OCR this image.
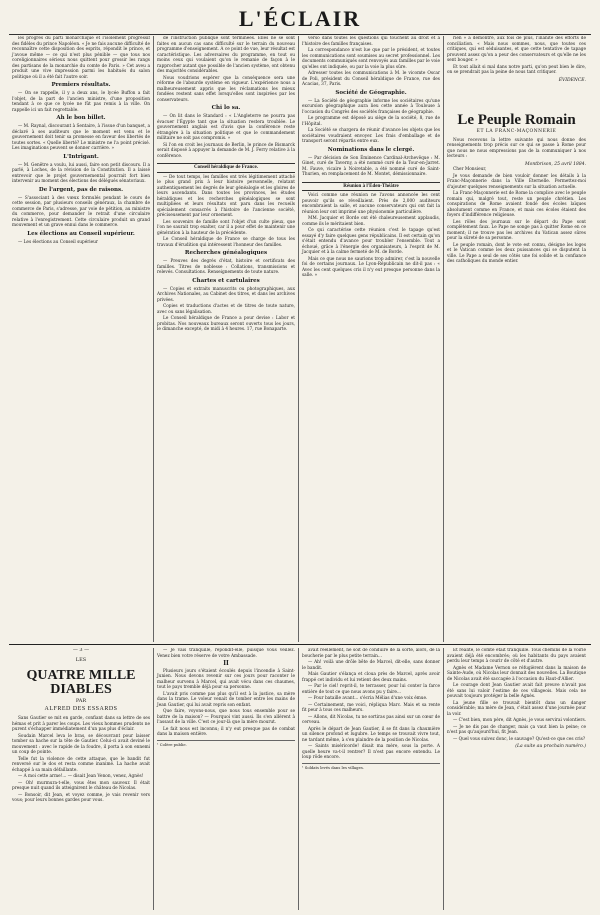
L'ÉCLAIR

les progrès du parti monarchique et l'isolement progressif des fidèles du prince Napoléon. « Je ne fais aucune difficulté de reconnaître cette disposition des esprits, répondit le prince, et j'avoue même — ce qui n'est plus pénible — que tous nos coreligionnaires sérieux nous quittent pour grossir les rangs des partisans de la monarchie du comte de Paris. » Cet aveu a produit une vive impression parmi les habitués du salon politique où il a été fait l'autre soir.

Premiers résultats.

— On se rappelle, il y a deux ans, le lycée Buffon a fait l'objet, de la part de l'ancien ministre, d'une proposition tendant à ce que ce lycée ne fût pas remis à la ville. On rappelle ici un fait regrettable.

Ah le bon billet.

— M. Raynal, discourant à Sentaire, à l'issue d'un banquet, a déclaré à ses auditeurs que le moment est venu et le gouvernement doit tenir sa promesse en faveur des libertés de toutes sortes. « Quelle liberté? Le ministre ne l'a point précisé. Les imaginations peuvent se donner carrière. »

L'Intrigant.

— M. Genêtre a voulu, lui aussi, faire son petit discours. Il a parlé, à Loches, de la révision de la Constitution. Il a laissé entrevoir que le projet gouvernemental pourrait fort bien intervenir au moment des élections des délégués sénatoriaux.

De l'argent, pas de raisons.

— S'associant à des vœux formulés pendant le cours de cette session, par plusieurs conseils généraux, la chambre de commerce de Paris, s'adresse, par voie de pétition, au ministre du commerce, pour demander le retrait d'une circulaire relative à l'enregistrement. Cette circulaire produit un grand mouvement et un grave ennui dans le commerce.

Les élections au Conseil supérieur.

— Les élections au Conseil supérieur

de l'instruction publique sont terminées. Elles ne se sont faites en aucun cas sans difficulté sur le terrain du nouveau programme d'enseignement. A ce point de vue, leur résultat est caractéristique. Les adversaires du programme, en tout ou moins ceux qui voulaient qu'on le remanie de façon à le rapprocher autant que possible de l'ancien système, ont obtenu des majorités considérables.

Nous voudrions espérer que la conséquence sera une réforme de l'absurde système en vigueur. L'expérience nous a malheureusement appris que les réclamations les mieux fondées restent sans effet lorsqu'elles sont inspirées par les conservateurs.

Chi lo sa.

— On lit dans le Standard : « L'Angleterre ne pourra pas évacuer l'Égypte tant que la situation restera troublée. Le gouvernement anglais est d'avis que la conférence reste étrangère à la situation politique et que le commandement militaire ne soit pas compromis. »

Si l'on en croit les journaux de Berlin, le prince de Bismarck serait disposé à appuyer la demande de M. J. Ferry relative à la conférence.

Conseil héraldique de France.

— De tout temps, les familles ont très légitimement attaché le plus grand prix à leur histoire personnelle, relatant authentiquement les degrés de leur généalogie et les gloires de leurs ascendants. Dans toutes les provinces, les études héraldiques et les recherches généalogiques se sont multipliées et leurs résultats ont paru dans les recueils spécialement consacrés à l'histoire de l'ancienne société, préciseusement par leur ornement.

Les souvenirs de famille sont l'objet d'un culte pieux, que l'on ne saurait trop exalter, car il a pour effet de maintenir une génération à la hauteur de la précédente.

Le Conseil héraldique de France se charge de tous les travaux d'érudition qui intéressent l'honneur des familles.

Recherches généalogiques

— Preuves des degrés d'état, histoire et certificats des familles. Titres de noblesse : Collations, transmissions et relevés. Consultations. Renseignements de toute nature.

Chartes et cartulaires

— Copies et extraits manuscrits ou photographiques, aux Archives Nationales, au Cabinet des titres, et dans les archives privées.

Copies et traductions d'actes et de titres de toute nature, avec ou sans légalisation.

Le Conseil héraldique de France a pour devise : Labor et probitas. Nos nouveaux bureaux seront ouverts tous les jours, le dimanche excepté, de midi à 4 heures. 17, rue Bonaparte.

verso dans toutes les questions qui touchent au droit et à l'histoire des familles françaises.

La correspondance n'est lue que par le président, et toutes les communications sont soumises au secret professionnel. Les documents communiqués sont renvoyés aux familles par le voie qu'elles ont indiquée, ou par la voie la plus sûre.

Adresser toutes les communications à M. le vicomte Oscar de Poli, président du Conseil héraldique de France, rue des Acacias, 37, Paris.

Société de Géographie.

— La Société de géographie informe les sociétaires qu'une excursion géographique aura lieu cette année à Toulouse à l'occasion du Congrès des sociétés françaises de géographie.

Le programme est déposé au siège de la société, 8, rue de l'Hôpital.

La Société se chargera de réunir d'avance les objets que les sociétaires voudraient envoyer. Les frais d'emballage et de transport seront répartis entre eux.

Nominations dans le clergé.

— Par décision de Son Éminence Cardinal-Archevêque : M. Ginet, curé de Taverny, a été nommé curé de la Tour-en-Jarret. M. Fauve, vicaire à Noiretable, a été nommé curé de Saint-Thurien, en remplacement de M. Montet, démissionnaire.

Réunion à l'Éden-Théâtre

Voici comme une réunion ne l'avons annoncée les cent pouvoir qu'ils se réveillaient. Près de 2,000 auditeurs encombraient la salle, et aucune conservateurs qui ont fait la réunion leur ont imprimé une physionomie particulière.

MM. Jacquier et Borde ont été chaleureusement applaudis, comme ils le méritaient bien.

Ce qui caractérise cette réunion c'est le tapage qu'est essayé d'y faire quelques gens républicains. Il est certain qu'on s'était entendu d'avance pour troubler l'ensemble. Tout a échoué, grâce à l'énergie des organisateurs, à l'esprit de M. Jacquier et à la calme fermeté de M. de Borde.

Mais ce que nous ne saurions trop admirer, c'est la nouvelle foi de certains journaux. Le Lyon-Républicain ne dit-il pas : « Avec les cent quelques cris il n'y eut presque personne dans la salle. »

rien » a démontré, aux fois de plus, l'inanité des efforts de conciliation. « Mais nous sommes, nous, que toutes ces critiques, qui est séduisantes, et que cette tentative de tapage prouvent assez qu'on a peur des conservateurs et qu'elle ne les sent bouger. »

Et tout allait si mal dans notre parti, qu'on peut bien le dire, on se prendrait pas la peine de nous tant critiquer.

ÉVIDENCE.
Le Peuple Romain
ET LA FRANC-MAÇONNERIE

Nous recevons la lettre suivante qui nous donne des renseignements trop précis sur ce qui se passe à Rome pour que nous ne nous empressions pas de la communiquer à nos lecteurs :

Montbrison, 25 avril 1884.

Cher Monsieur,

Je vous demande de bien vouloir donner les détails à la Franc-Maçonnerie dans la Ville Éternelle. Permettez-moi d'ajouter quelques renseignements sur la situation actuelle.

La Franc-Maçonnerie est de Rome la complice avec le peuple romain qui, malgré tout, reste un peuple chrétien. Les conspirations de Rome avaient fondé des écoles laïques absolument comme en France, et mais ces écoles étaient des foyers d'indifférence religieuse.

Les rôles des journaux sur le départ du Pape sont complètement faux. Le Pape ne songe pas à quitter Rome en ce moment; il ne trouve pas les archives du Vatican assez sûres pour la sûreté de sa personne.

Le peuple romain, dont le vote est connu, désigne les loges et le Vatican comme les deux puissances qui se disputent la ville. Le Pape a seul de ses côtés une foi solide et la confiance des catholiques du monde entier.

— 3 —
LES
QUATRE MILLE DIABLES
PAR
ALFRED DES ESSARDS

Sans Gautier se mit en garde, confiant dans sa lettre de ses hémas et prit à parer les coups. Les vieux hommes prudents ne purent s'échapper immédiatement d'un pas plus d'éclair.

Soudain Marcel leva le bras, se découvrant pour laisser tomber sa hache sur la tête de Gautier. Celui-ci avait deviné le mouvement : avec le rapide de la foudre, il porta à son ennemi un coup de pointe.

Telle fut la violence de cette attaque, que le bandit fut renversé sur le dos et resta comme inanimé. La hache avait échappé à sa main défaillante.

— A moi cette arme!... — disait Jean Venon, venez, Agnès!

— Oh! murmura-t-elle, vous êtes mon sauveur. Il était presque nuit quand ils atteignirent le château de Nicolas.

— Bonsoir, dit Jean, et voyez comme, je vais revenir vers vous; pour leurs bonnes gardes pour vous.

— Je vais tranquille, répondit-elle, puisque vous veillez. Venez bien votre réserve de votre Ambassade.

II

Plusieurs jours s'étaient écoulés depuis l'incendie à Saint-Junien. Nous devons revenir sur ces jours pour raconter le malheur survenu à Marcel, qui avait vécu dans ces chaumes, tout le pays tremble déjà pour sa personne.

L'avait pris comme pas plus qu'il est à la justice, sa mère dans la trame. Le voleur venait de tomber entre les mains de Jean Gautier, qui lui avait repris son enfant.

Que faire, voyons-nous, que nous tous ensemble pour se battre de la maison? — Pourquoi vint aussi. Ils s'en allèrent à l'assaut de la ville. C'est ce jour-là que la mère mourut.

Le fait nous est inconnu; il n'y eut presque pas de combat dans la maison entière.

¹ Colère publie.

avait réellement, ne soit de conduire de la sorte, alors, de la boucherie par le plus petite terrain...

— Ah! voilà une drôle bête de Marcel, dit-elle, sans donner le bandit.

Mais Gautier s'élança et cloua près de Marcel, après avoir frappé cet individu et lui retient des deux mains.

— Par le ciel! reprit-il, te terrasser, pour lui conter la farce entière de tout ce que nous avons pu y faire...

— Pour bataille avant... s'écria Mélias d'une voix émue.

— Certainement, me voici, répliqua Marc. Mais et sa rente fit peur à tous ces malheurs.

— Allons, dit Nicolas, tu ne sortiras pas ainsi sur un cœur de cerveau.

Après le départ de Jean Gautier, il se fit dans la chaumière un silence profond et lugubre. Le temps se trouvait vivre tout, ne tardant même, à s'en plaindre de la position de Nicolas.

— Saints miséricorde! disait ma mère, sous la porte. A quelle heure va-t-il rentrer? Il n'est pas encore entendu. Le loup rôde encore.

¹ Soldats levés dans les villages.

Et réalité, le comte était tranquille. Tous chemins de la voirie avaient déjà été encombrés; où les habitants du pays avaient perdu leur temps à courir de côté et d'autre.

Agnès et Madame Vernon se réfugièrent dans la maison de Sainte-Aude, où Nicolas leur donnait des nouvelles. La Boutique de Nicolas avait été saccagée à l'occasion du Haut-d'Allier.

Le courage dont Jean Gautier avait fait preuve n'avait pas été sans lui valoir l'estime de ces villageois. Mais cela ne pouvait toujours protéger la belle Agnès.

La jeune fille se trouvait bientôt dans un danger considérable; ma mère de Jean, c'était assez d'une journée pour la voir.

— C'est bien, mon père, dit Agnès, je vous servirai volontiers.

— Je ne dis pas de changer, mais ça vaut bien la peine; ce n'est pas qu'aujourd'hui, fit Jean.

— Quel vous suivez donc, le sauvage? Qu'est-ce que ces cris?

(La suite au prochain numéro.)
